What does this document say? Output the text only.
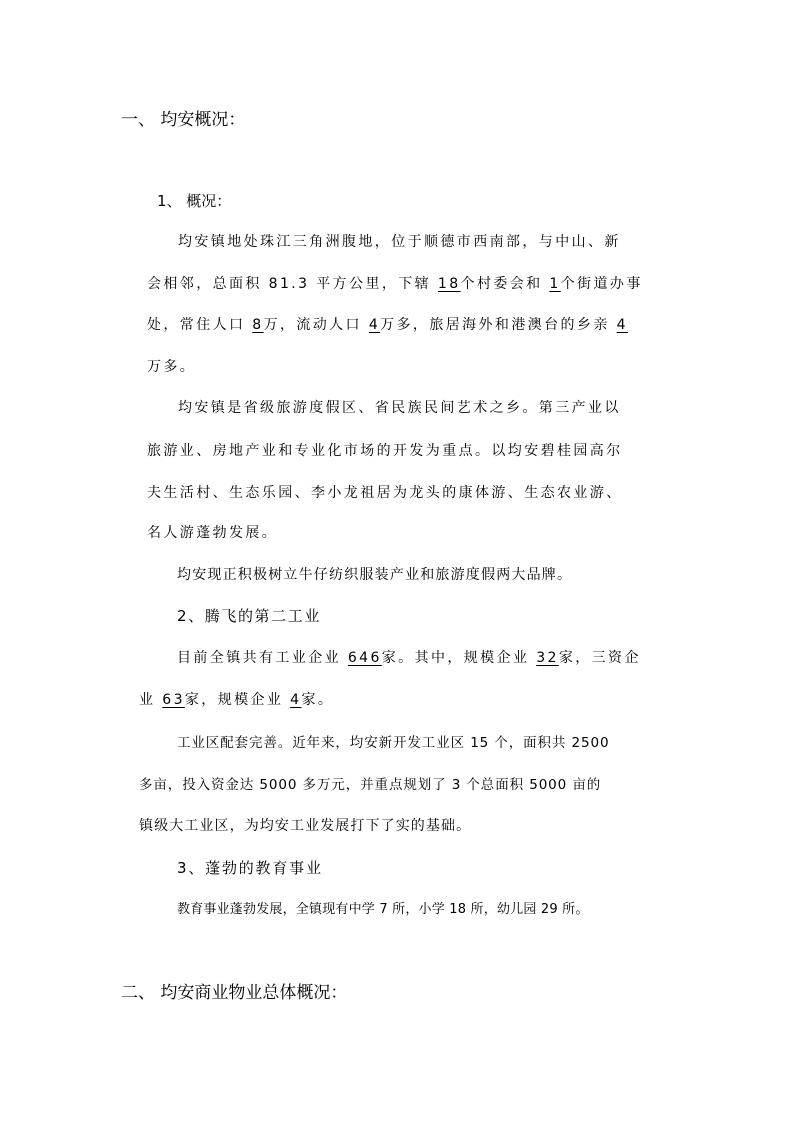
一、 均安概况：
1、 概况：
均安镇地处珠江三角洲腹地，位于顺德市西南部，与中山、新
会相邻，总面积 81.3 平方公里，下辖 18个村委会和 1个街道办事
处，常住人口 8万，流动人口 4万多，旅居海外和港澳台的乡亲 4
万多。
均安镇是省级旅游度假区、省民族民间艺术之乡。第三产业以
旅游业、房地产业和专业化市场的开发为重点。以均安碧桂园高尔
夫生活村、生态乐园、李小龙祖居为龙头的康体游、生态农业游、
名人游蓬勃发展。
均安现正积极树立牛仔纺织服装产业和旅游度假两大品牌。
2、腾飞的第二工业
目前全镇共有工业企业 646家。其中，规模企业 32家，三资企
业 63家，规模企业 4家。
工业区配套完善。近年来，均安新开发工业区 15 个，面积共 2500
多亩，投入资金达 5000 多万元，并重点规划了 3 个总面积 5000 亩的
镇级大工业区，为均安工业发展打下了实的基础。
3、蓬勃的教育事业
教育事业蓬勃发展，全镇现有中学 7 所，小学 18 所，幼儿园 29 所。
二、 均安商业物业总体概况：
